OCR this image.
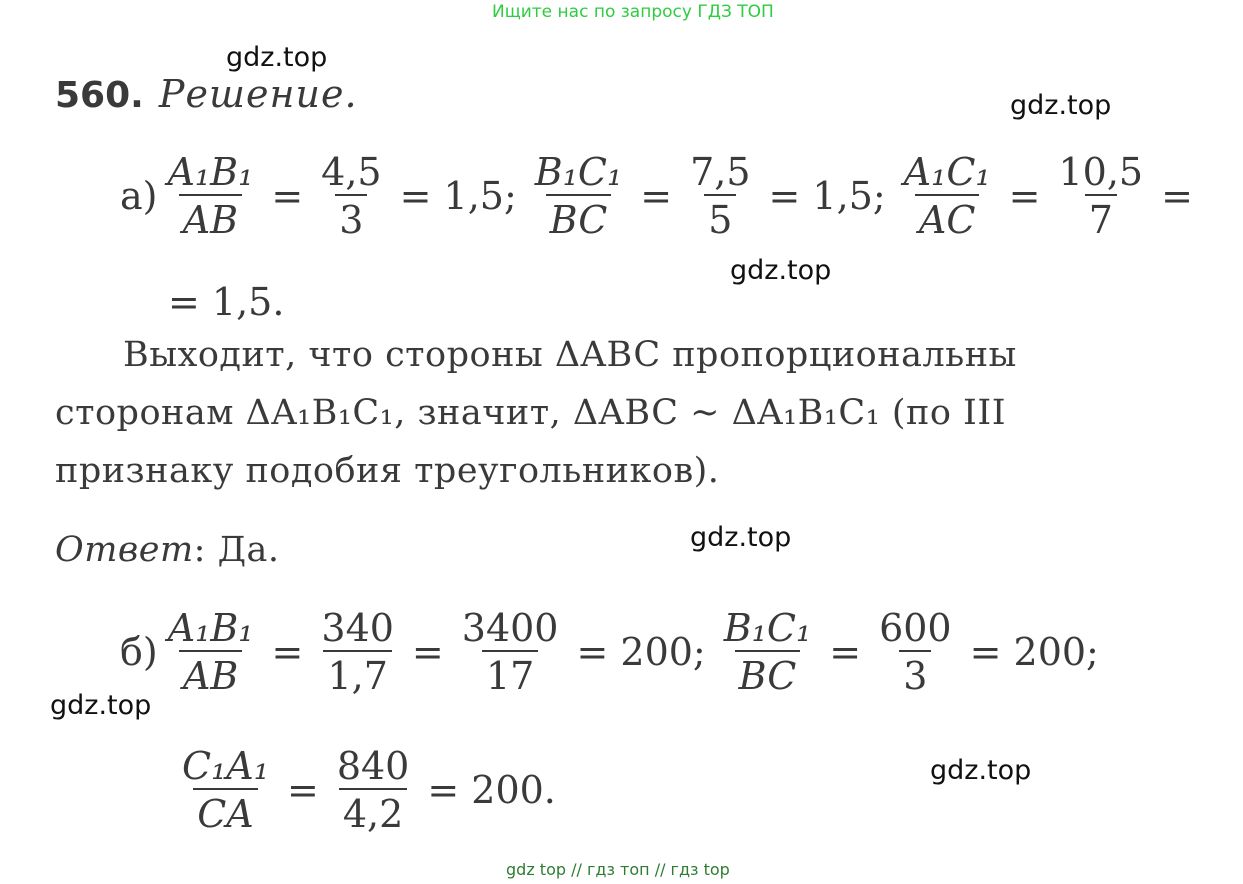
Ищите нас по запросу ГДЗ ТОП
gdz.top
gdz.top
gdz.top
gdz.top
gdz.top
gdz.top
560. Решение.
$а) \frac{\text{A₁B₁}}{AB} = \frac{4,5}{3} = 1,5$; $\frac{\text{B₁C₁}}{BC} = \frac{7,5}{5} = 1,5$; $\frac{\text{A₁C₁}}{AC} = \frac{10,5}{7}$ =
= 1,5.
Выходит, что стороны ΔABC пропорциональны
сторонам ΔA₁B₁C₁, значит, ΔABC ~ ΔA₁B₁C₁ (по III
признаку подобия треугольников).
Ответ: Да.
$б) \frac{\text{A₁B₁}}{AB} = \frac{340}{1,7} = \frac{3400}{17} = 200$; $\frac{\text{B₁C₁}}{BC} = \frac{600}{3} = 200$;
$\frac{\text{C₁A₁}}{CA} = \frac{840}{4,2} = 200$.
gdz top // гдз топ // гдз top
